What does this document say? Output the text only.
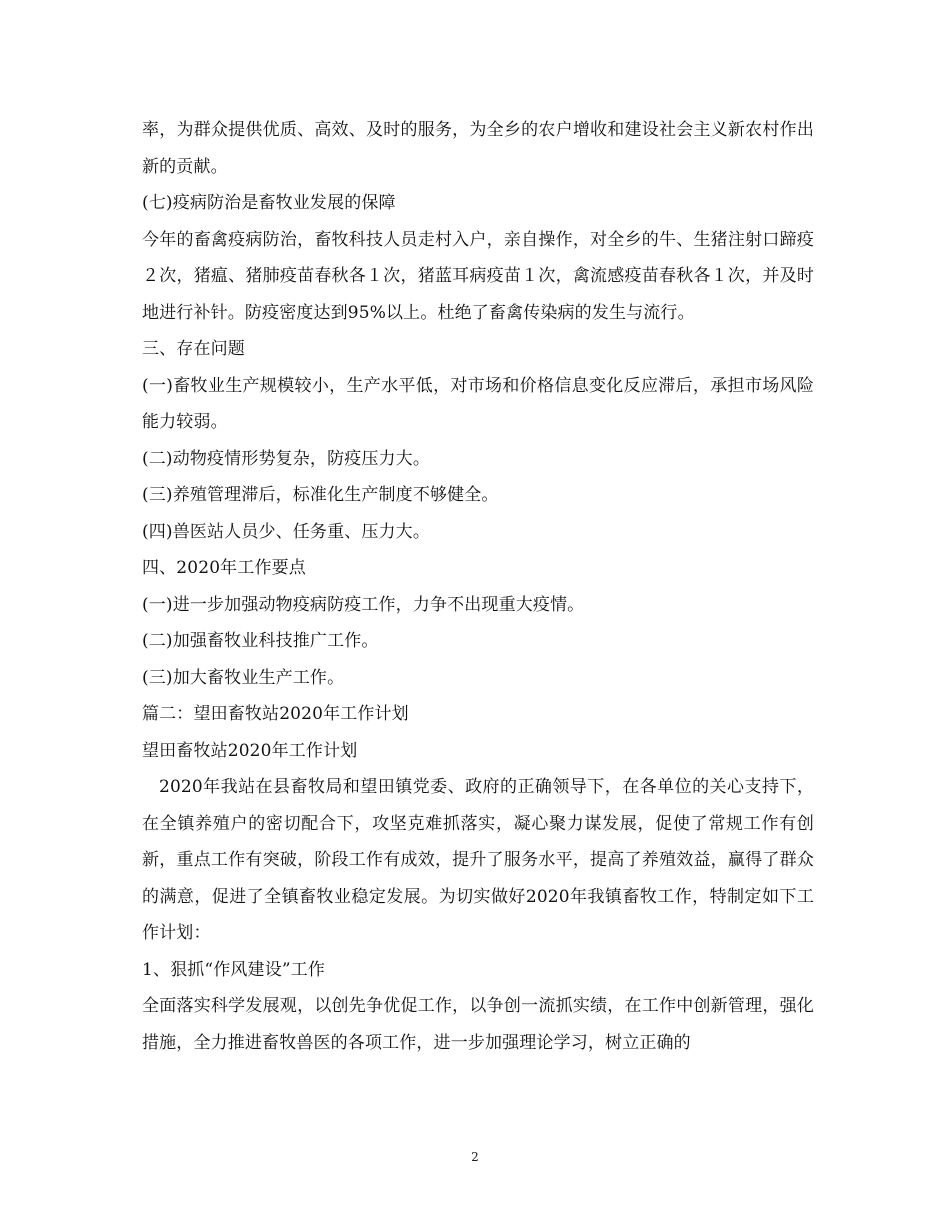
率，为群众提供优质、高效、及时的服务，为全乡的农户增收和建设社会主义新农村作出新的贡献。

(七)疫病防治是畜牧业发展的保障

今年的畜禽疫病防治，畜牧科技人员走村入户，亲自操作，对全乡的牛、生猪注射口蹄疫２次，猪瘟、猪肺疫苗春秋各１次，猪蓝耳病疫苗１次，禽流感疫苗春秋各１次，并及时地进行补针。防疫密度达到95%以上。杜绝了畜禽传染病的发生与流行。

三、存在问题

(一)畜牧业生产规模较小，生产水平低，对市场和价格信息变化反应滞后，承担市场风险能力较弱。

(二)动物疫情形势复杂，防疫压力大。

(三)养殖管理滞后，标准化生产制度不够健全。

(四)兽医站人员少、任务重、压力大。

四、2020年工作要点

(一)进一步加强动物疫病防疫工作，力争不出现重大疫情。

(二)加强畜牧业科技推广工作。

(三)加大畜牧业生产工作。

篇二：望田畜牧站2020年工作计划

望田畜牧站2020年工作计划

2020年我站在县畜牧局和望田镇党委、政府的正确领导下，在各单位的关心支持下，在全镇养殖户的密切配合下，攻坚克难抓落实，凝心聚力谋发展，促使了常规工作有创新，重点工作有突破，阶段工作有成效，提升了服务水平，提高了养殖效益，赢得了群众的满意，促进了全镇畜牧业稳定发展。为切实做好2020年我镇畜牧工作，特制定如下工作计划：

1、狠抓“作风建设”工作

全面落实科学发展观，以创先争优促工作，以争创一流抓实绩，在工作中创新管理，强化措施，全力推进畜牧兽医的各项工作，进一步加强理论学习，树立正确的

2
